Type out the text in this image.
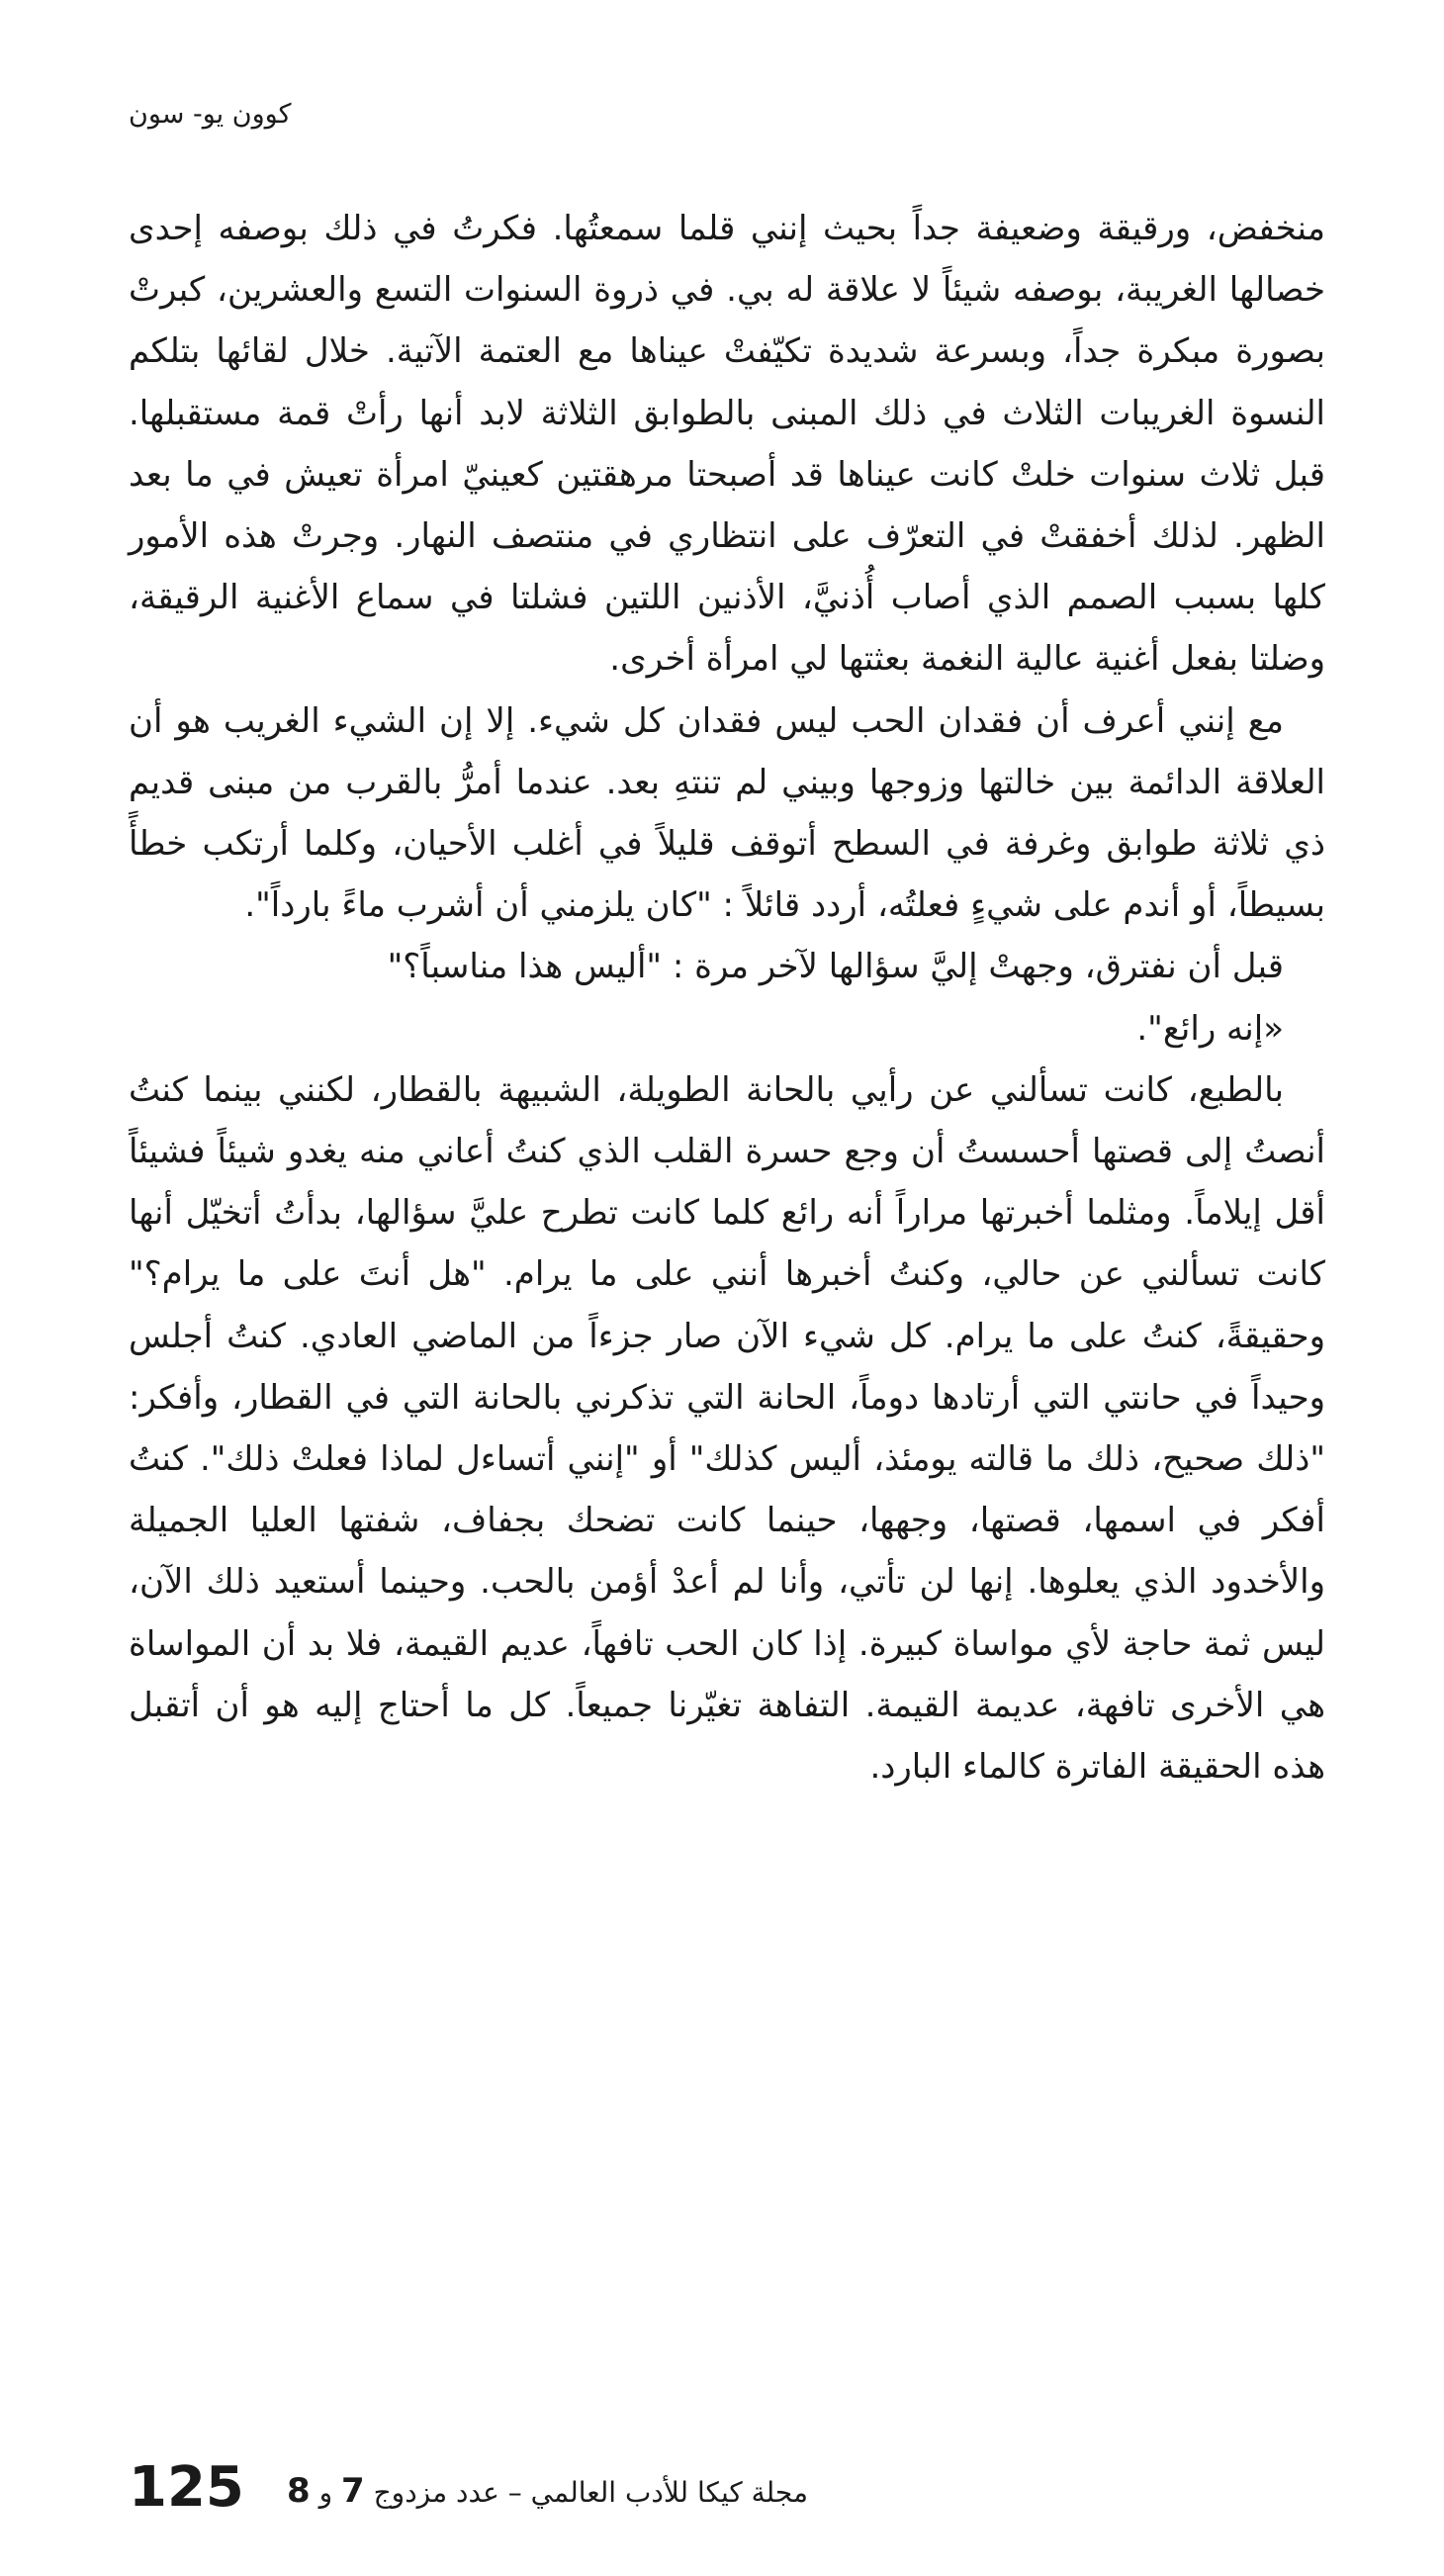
كوون يو- سون

منخفض، ورقيقة وضعيفة جداً بحيث إنني قلما سمعتُها. فكرتُ في ذلك بوصفه إحدى خصالها الغريبة، بوصفه شيئاً لا علاقة له بي. في ذروة السنوات التسع والعشرين، كبرتْ بصورة مبكرة جداً، وبسرعة شديدة تكيّفتْ عيناها مع العتمة الآتية. خلال لقائها بتلكم النسوة الغريبات الثلاث في ذلك المبنى بالطوابق الثلاثة لابد أنها رأتْ قمة مستقبلها. قبل ثلاث سنوات خلتْ كانت عيناها قد أصبحتا مرهقتين كعينيّ امرأة تعيش في ما بعد الظهر. لذلك أخفقتْ في التعرّف على انتظاري في منتصف النهار. وجرتْ هذه الأمور كلها بسبب الصمم الذي أصاب أُذنيَّ، الأذنين اللتين فشلتا في سماع الأغنية الرقيقة، وضلتا بفعل أغنية عالية النغمة بعثتها لي امرأة أخرى.

مع إنني أعرف أن فقدان الحب ليس فقدان كل شيء. إلا إن الشيء الغريب هو أن العلاقة الدائمة بين خالتها وزوجها وبيني لم تنتهِ بعد. عندما أمرُّ بالقرب من مبنى قديم ذي ثلاثة طوابق وغرفة في السطح أتوقف قليلاً في أغلب الأحيان، وكلما أرتكب خطأً بسيطاً، أو أندم على شيءٍ فعلتُه، أردد قائلاً : "كان يلزمني أن أشرب ماءً بارداً".

قبل أن نفترق، وجهتْ إليَّ سؤالها لآخر مرة : "أليس هذا مناسباً؟"

«إنه رائع".

بالطبع، كانت تسألني عن رأيي بالحانة الطويلة، الشبيهة بالقطار، لكنني بينما كنتُ أنصتُ إلى قصتها أحسستُ أن وجع حسرة القلب الذي كنتُ أعاني منه يغدو شيئاً فشيئاً أقل إيلاماً. ومثلما أخبرتها مراراً أنه رائع كلما كانت تطرح عليَّ سؤالها، بدأتُ أتخيّل أنها كانت تسألني عن حالي، وكنتُ أخبرها أنني على ما يرام. "هل أنتَ على ما يرام؟" وحقيقةً، كنتُ على ما يرام. كل شيء الآن صار جزءاً من الماضي العادي. كنتُ أجلس وحيداً في حانتي التي أرتادها دوماً، الحانة التي تذكرني بالحانة التي في القطار، وأفكر: "ذلك صحيح، ذلك ما قالته يومئذ، أليس كذلك" أو "إنني أتساءل لماذا فعلتْ ذلك". كنتُ أفكر في اسمها، قصتها، وجهها، حينما كانت تضحك بجفاف، شفتها العليا الجميلة والأخدود الذي يعلوها. إنها لن تأتي، وأنا لم أعدْ أؤمن بالحب. وحينما أستعيد ذلك الآن، ليس ثمة حاجة لأي مواساة كبيرة. إذا كان الحب تافهاً، عديم القيمة، فلا بد أن المواساة هي الأخرى تافهة، عديمة القيمة. التفاهة تغيّرنا جميعاً. كل ما أحتاج إليه هو أن أتقبل هذه الحقيقة الفاترة كالماء البارد.

125	مجلة كيكا للأدب العالمي – عدد مزدوج 7 و 8
